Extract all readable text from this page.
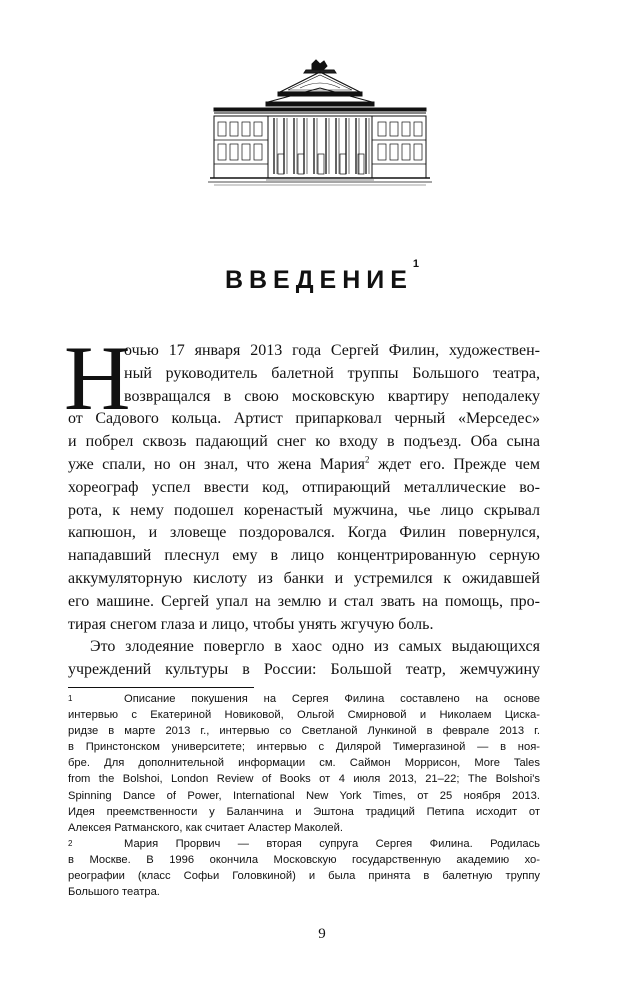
ВВЕДЕНИЕ$^1$
Н
очью 17 января 2013 года Сергей Филин, художествен-
ный руководитель балетной труппы Большого театра,
возвращался в свою московскую квартиру неподалеку
от Садового кольца. Артист припарковал черный «Мерседес»
и побрел сквозь падающий снег ко входу в подъезд. Оба сына
уже спали, но он знал, что жена Мария$^2$ ждет его. Прежде чем
хореограф успел ввести код, отпирающий металлические во-
рота, к нему подошел коренастый мужчина, чье лицо скрывал
капюшон, и зловеще поздоровался. Когда Филин повернулся,
нападавший плеснул ему в лицо концентрированную серную
аккумуляторную кислоту из банки и устремился к ожидавшей
его машине. Сергей упал на землю и стал звать на помощь, про-
тирая снегом глаза и лицо, чтобы унять жгучую боль.
Это злодеяние повергло в хаос одно из самых выдающихся
учреждений культуры в России: Большой театр, жемчужину
1	Описание покушения на Сергея Филина составлено на основе
интервью с Екатериной Новиковой, Ольгой Смирновой и Николаем Циска-
ридзе в марте 2013 г., интервью со Светланой Лункиной в феврале 2013 г.
в Принстонском университете; интервью с Дилярой Тимергазиной — в ноя-
бре. Для дополнительной информации см. Саймон Моррисон, More Tales
from the Bolshoi, London Review of Books от 4 июля 2013, 21–22; The Bolshoi's
Spinning Dance of Power, International New York Times, от 25 ноября 2013.
Идея преемственности у Баланчина и Эштона традиций Петипа исходит от
Алексея Ратманского, как считает Аластер Маколей.
2	Мария Прорвич — вторая супруга Сергея Филина. Родилась
в Москве. В 1996 окончила Московскую государственную академию хо-
реографии (класс Софьи Головкиной) и была принята в балетную труппу
Большого театра.
9
